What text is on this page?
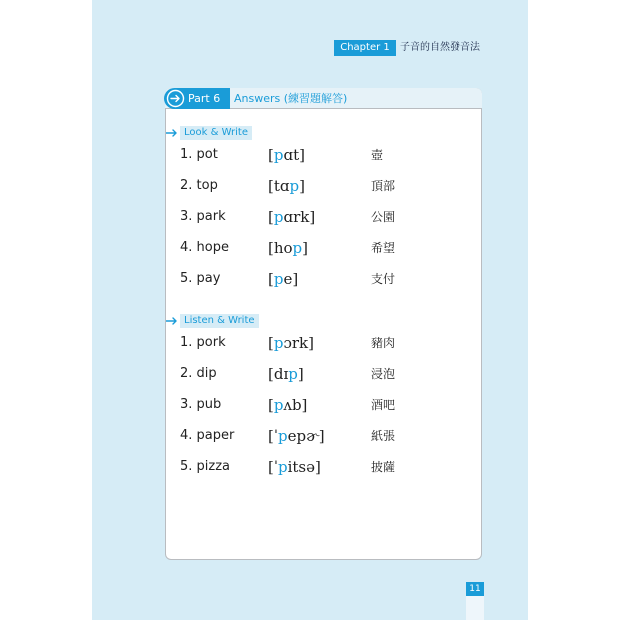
Chapter 1	子音的自然發音法
Part 6 Answers (練習題解答)
Look & Write
1. pot	[pɑt]	壺
2. top	[tɑp]	頂部
3. park	[pɑrk]	公園
4. hope	[hop]	希望
5. pay	[pe]	支付
Listen & Write
1. pork	[pɔrk]	豬肉
2. dip	[dɪp]	浸泡
3. pub	[pʌb]	酒吧
4. paper [ˈpepɚ]	紙張
5. pizza	[ˈpitsə]	披薩
11
